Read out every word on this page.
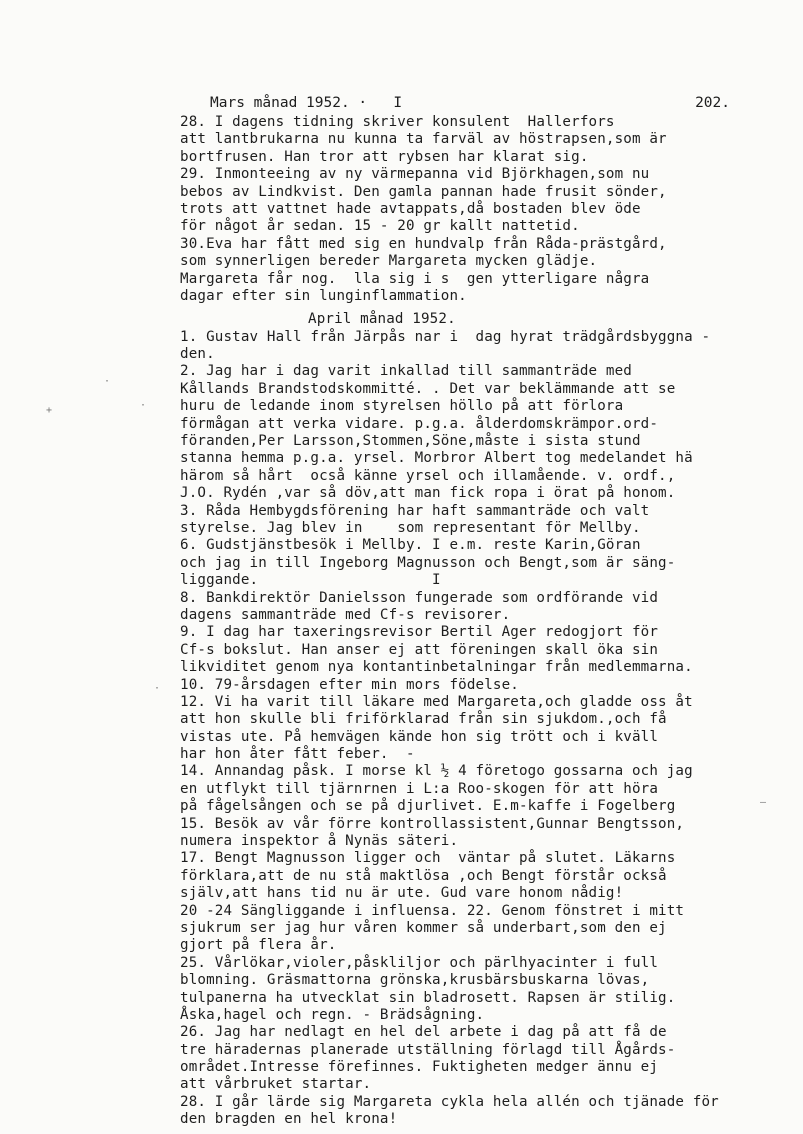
Mars månad 1952. ·   I	202.
28. I dagens tidning skriver konsulent  Hallerfors
att lantbrukarna nu kunna ta farväl av höstrapsen,som är
bortfrusen. Han tror att rybsen har klarat sig.
29. Inmonteeing av ny värmepanna vid Björkhagen,som nu
bebos av Lindkvist. Den gamla pannan hade frusit sönder,
trots att vattnet hade avtappats,då bostaden blev öde
för något år sedan. 15 - 20 gr kallt nattetid.
30.Eva har fått med sig en hundvalp från Råda-prästgård,
som synnerligen bereder Margareta mycken glädje.
Margareta får nog.  lla sig i s  gen ytterligare några
dagar efter sin lunginflammation.
April månad 1952.
1. Gustav Hall från Järpås nar i  dag hyrat trädgårdsbyggna -
den.
2. Jag har i dag varit inkallad till sammanträde med
Kållands Brandstodskommitté. . Det var beklämmande att se
huru de ledande inom styrelsen höllo på att förlora
förmågan att verka vidare. p.g.a. ålderdomskrämpor.ord-
föranden,Per Larsson,Stommen,Söne,måste i sista stund
stanna hemma p.g.a. yrsel. Morbror Albert tog medelandet hä
härom så hårt  ocså känne yrsel och illamående. v. ordf.,
J.O. Rydén ,var så döv,att man fick ropa i örat på honom.
3. Råda Hembygdsförening har haft sammanträde och valt
styrelse. Jag blev in    som representant för Mellby.
6. Gudstjänstbesök i Mellby. I e.m. reste Karin,Göran
och jag in till Ingeborg Magnusson och Bengt,som är säng-
liggande.                    I
8. Bankdirektör Danielsson fungerade som ordförande vid
dagens sammanträde med Cf-s revisorer.
9. I dag har taxeringsrevisor Bertil Ager redogjort för
Cf-s bokslut. Han anser ej att föreningen skall öka sin
likviditet genom nya kontantinbetalningar från medlemmarna.
10. 79-årsdagen efter min mors födelse.
12. Vi ha varit till läkare med Margareta,och gladde oss åt
att hon skulle bli friförklarad från sin sjukdom.,och få
vistas ute. På hemvägen kände hon sig trött och i kväll
har hon åter fått feber.  -
14. Annandag påsk. I morse kl ½ 4 företogo gossarna och jag
en utflykt till tjärnrnen i L:a Roo-skogen för att höra
på fågelsången och se på djurlivet. E.m-kaffe i Fogelberg
15. Besök av vår förre kontrollassistent,Gunnar Bengtsson,
numera inspektor å Nynäs säteri.
17. Bengt Magnusson ligger och  väntar på slutet. Läkarns
förklara,att de nu stå maktlösa ,och Bengt förstår också
själv,att hans tid nu är ute. Gud vare honom nådig!
20 -24 Sängliggande i influensa. 22. Genom fönstret i mitt
sjukrum ser jag hur våren kommer så underbart,som den ej
gjort på flera år.
25. Vårlökar,violer,påskliljor och pärlhyacinter i full
blomning. Gräsmattorna grönska,krusbärsbuskarna lövas,
tulpanerna ha utvecklat sin bladrosett. Rapsen är stilig.
Åska,hagel och regn. - Brädsågning.
26. Jag har nedlagt en hel del arbete i dag på att få de
tre häradernas planerade utställning förlagd till Ågårds-
området.Intresse förefinnes. Fuktigheten medger ännu ej
att vårbruket startar.
28. I går lärde sig Margareta cykla hela allén och tjänade för
den bragden en hel krona!
+
·
·
·
–
